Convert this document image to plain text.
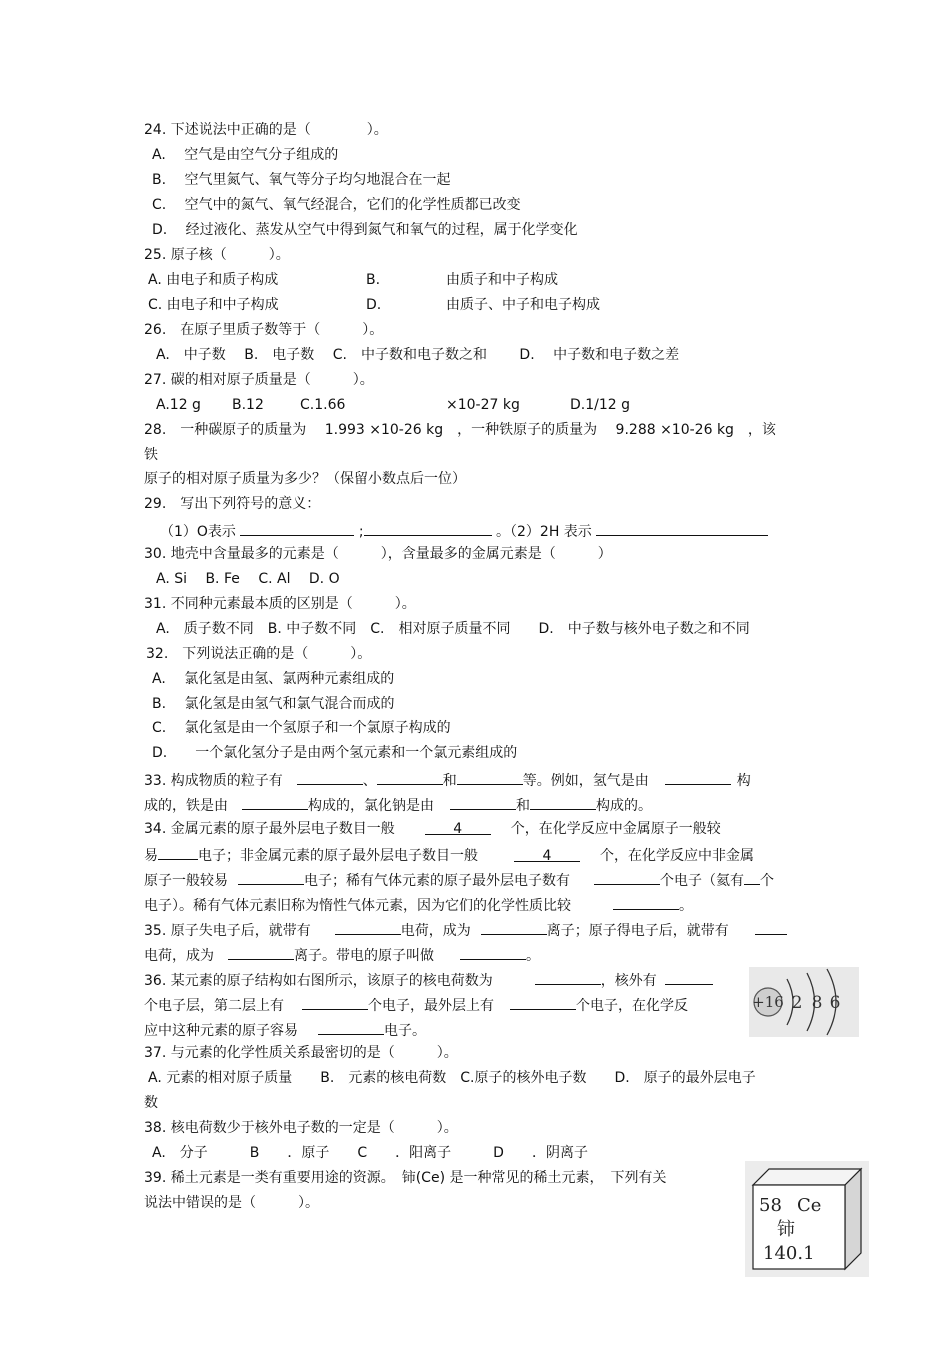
24. 下述说法中正确的是（　　　　）。
A.　 空气是由空气分子组成的
B.　 空气里氮气、氧气等分子均匀地混合在一起
C.　 空气中的氮气、氧气经混合，它们的化学性质都已改变
D.　 经过液化、蒸发从空气中得到氮气和氧气的过程，属于化学变化
25. 原子核（　　　）。
A. 由电子和质子构成	B.	由质子和中子构成
C. 由电子和中子构成	D.	由质子、中子和电子构成
26.　在原子里质子数等于（　　　）。
A.　中子数　 B.　电子数　 C.　中子数和电子数之和　　 D.　 中子数和电子数之差
27. 碳的相对原子质量是（　　　）。
A.12 g B.12	C.1.66	×10-27 kg	D.1/12 g
28.　一种碳原子的质量为　 1.993 ×10-26 kg　，一种铁原子的质量为　 9.288 ×10-26 kg　，该
铁
原子的相对原子质量为多少？（保留小数点后一位）
29.　写出下列符号的意义：
（1）O表示	;	。（2）2H 表示
30. 地壳中含量最多的元素是（　　　），含量最多的金属元素是（　　　）
A. Si　 B. Fe　 C. Al　 D. O
31. 不同种元素最本质的区别是（　　　）。
A.　质子数不同　B. 中子数不同　C.　相对原子质量不同　　D.　中子数与核外电子数之和不同
32.　下列说法正确的是（　　　）。
A.　 氯化氢是由氢、氯两种元素组成的
B.　 氯化氢是由氢气和氯气混合而成的
C.　 氯化氢是由一个氢原子和一个氯原子构成的
D.　　一个氯化氢分子是由两个氢元素和一个氯元素组成的
33. 构成物质的粒子有	、	和	等。例如，氢气是由	构
成的，铁是由	构成的，氯化钠是由	和	构成的。
34. 金属元素的原子最外层电子数目一般	4	个，在化学反应中金属原子一般较
易	电子；非金属元素的原子最外层电子数目一般	4	个，在化学反应中非金属
原子一般较易	电子；稀有气体元素的原子最外层电子数有	个电子（氦有 个
电子）。稀有气体元素旧称为惰性气体元素，因为它们的化学性质比较	。
35. 原子失电子后，就带有	电荷，成为	离子；原子得电子后，就带有
电荷，成为	离子。带电的原子叫做	。
36. 某元素的原子结构如右图所示，该原子的核电荷数为	，核外有
个电子层，第二层上有	个电子，最外层上有	个电子，在化学反
应中这种元素的原子容易	电子。
+16 2 8 6
37. 与元素的化学性质关系最密切的是（　　　）。
A. 元素的相对原子质量　　B.　元素的核电荷数　C.原子的核外电子数　　D.　原子的最外层电子
数
38. 核电荷数少于核外电子数的一定是（　　　）。
A.　分子　　　B　　．原子　　C　　．阳离子　　　D　　．阴离子
39. 稀土元素是一类有重要用途的资源。　铈(Ce) 是一种常见的稀土元素，　下列有关
说法中错误的是（　　　）。	58 Ce
铈
140.1
